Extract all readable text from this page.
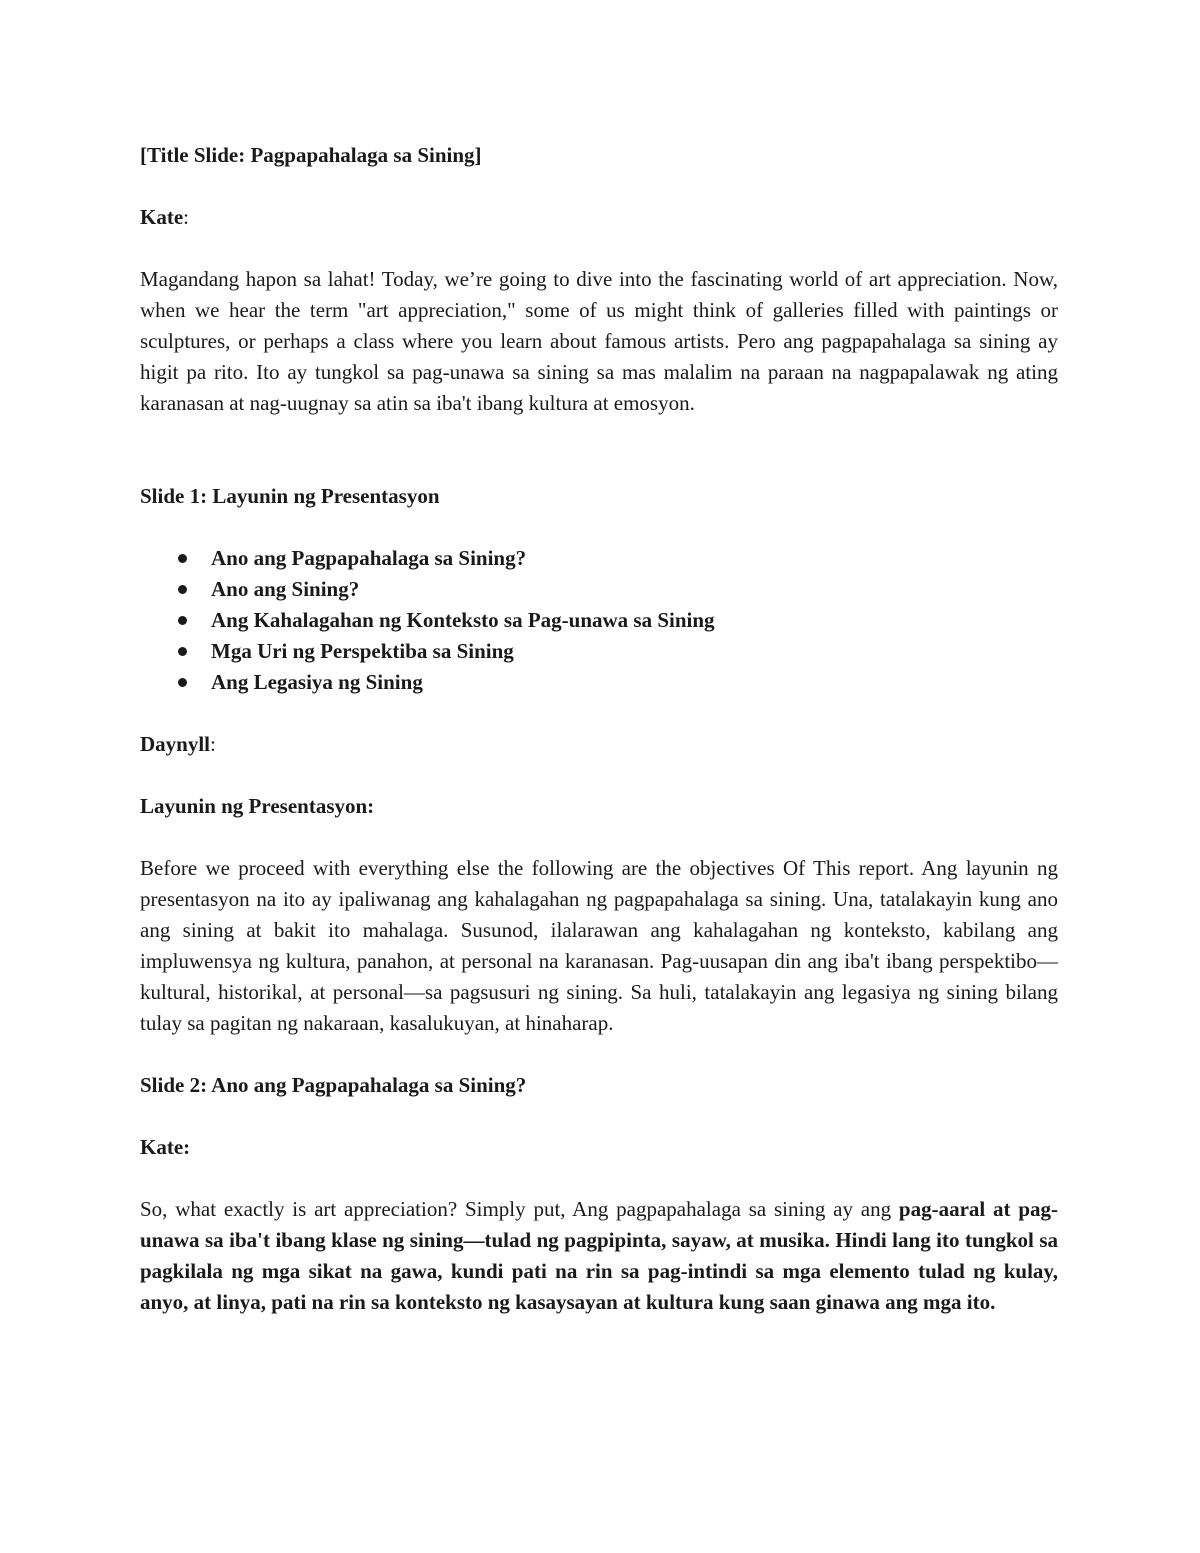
[Title Slide: Pagpapahalaga sa Sining]

Kate:

Magandang hapon sa lahat! Today, we’re going to dive into the fascinating world of art appreciation. Now, when we hear the term "art appreciation," some of us might think of galleries filled with paintings or sculptures, or perhaps a class where you learn about famous artists. Pero ang pagpapahalaga sa sining ay higit pa rito. Ito ay tungkol sa pag-unawa sa sining sa mas malalim na paraan na nagpapalawak ng ating karanasan at nag-uugnay sa atin sa iba't ibang kultura at emosyon.

Slide 1: Layunin ng Presentasyon

Ano ang Pagpapahalaga sa Sining?
Ano ang Sining?
Ang Kahalagahan ng Konteksto sa Pag-unawa sa Sining
Mga Uri ng Perspektiba sa Sining
Ang Legasiya ng Sining

Daynyll:

Layunin ng Presentasyon:

Before we proceed with everything else the following are the objectives Of This report. Ang layunin ng presentasyon na ito ay ipaliwanag ang kahalagahan ng pagpapahalaga sa sining. Una, tatalakayin kung ano ang sining at bakit ito mahalaga. Susunod, ilalarawan ang kahalagahan ng konteksto, kabilang ang impluwensya ng kultura, panahon, at personal na karanasan. Pag-uusapan din ang iba't ibang perspektibo—kultural, historikal, at personal—sa pagsusuri ng sining. Sa huli, tatalakayin ang legasiya ng sining bilang tulay sa pagitan ng nakaraan, kasalukuyan, at hinaharap.

Slide 2: Ano ang Pagpapahalaga sa Sining?

Kate:

So, what exactly is art appreciation? Simply put, Ang pagpapahalaga sa sining ay ang pag-aaral at pag-unawa sa iba't ibang klase ng sining—tulad ng pagpipinta, sayaw, at musika. Hindi lang ito tungkol sa pagkilala ng mga sikat na gawa, kundi pati na rin sa pag-intindi sa mga elemento tulad ng kulay, anyo, at linya, pati na rin sa konteksto ng kasaysayan at kultura kung saan ginawa ang mga ito.
